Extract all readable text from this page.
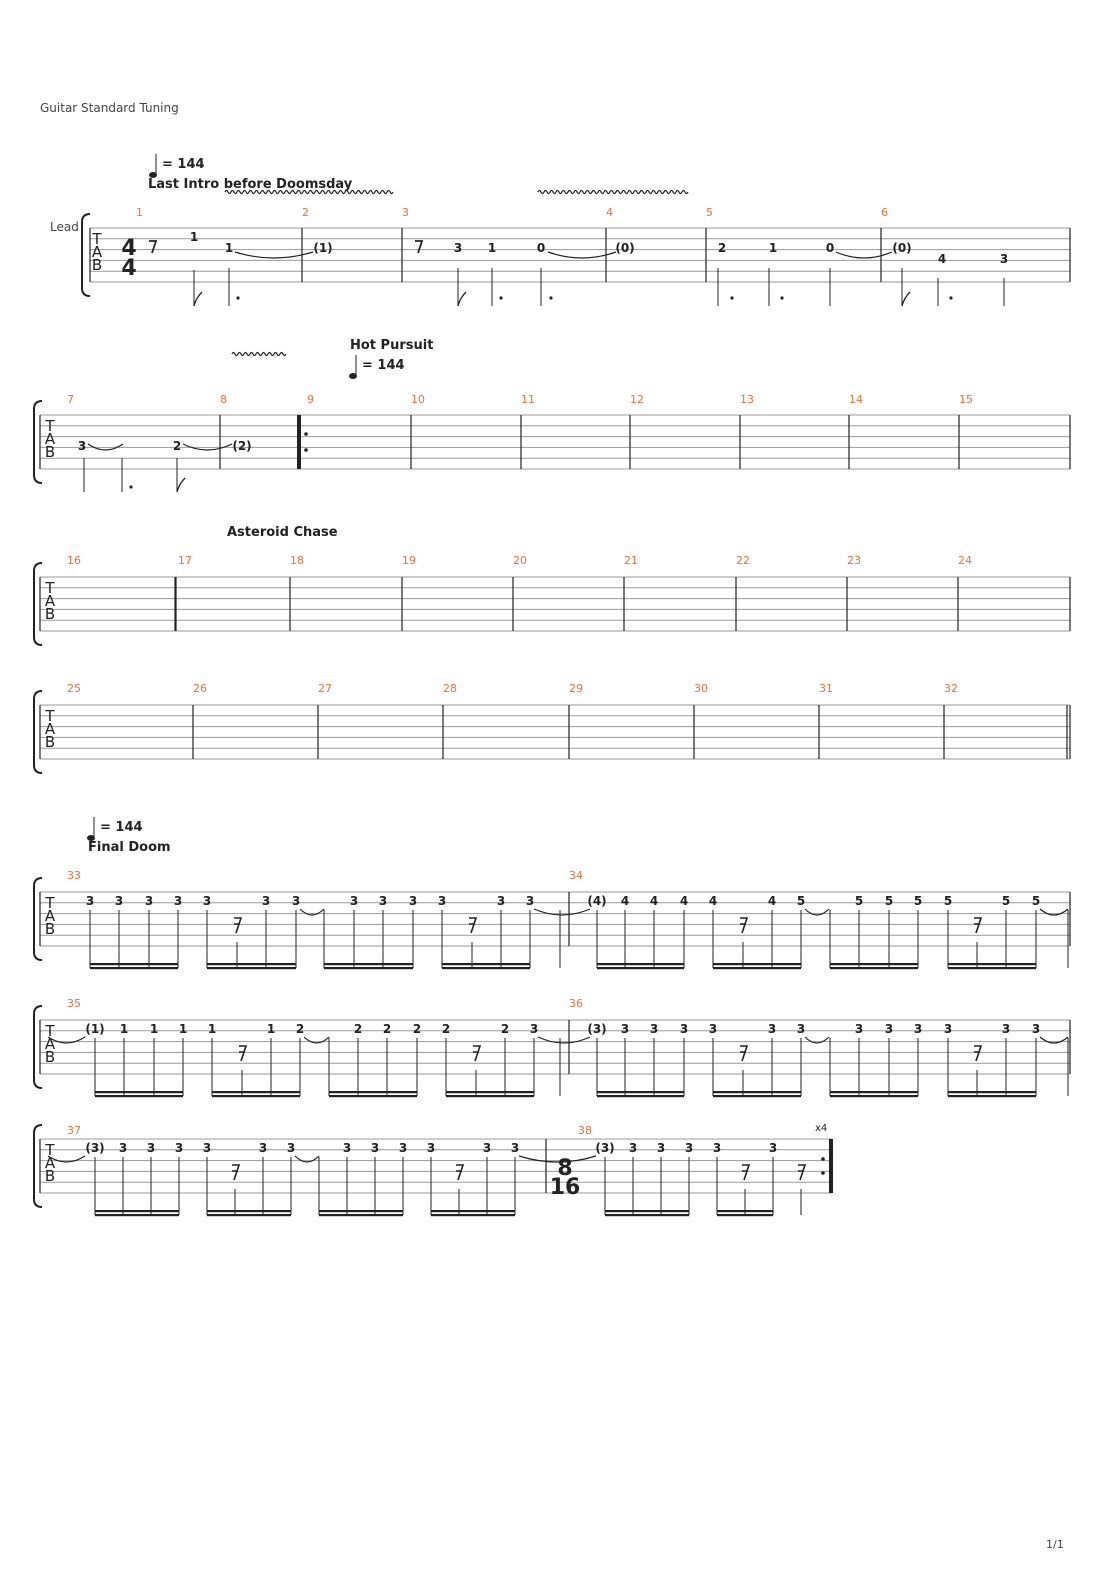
Guitar Standard Tuning
T
A
B
T
A
B
T
A
B
T
A
B
T
A
B
T
A
B
T
A
B
Lead
1	2	3	4	5	6
7	8	9	10	11	12	13	14	15
16	17	18	19	20	21	22	23	24
25	26	27	28	29	30	31	32
33	34
35	36
37	38	x4
4
4
8
16
= 144
= 144
= 144
Last Intro before Doomsday
Hot Pursuit
Asteroid Chase
Final Doom
1
1	(1)	3 1	0	(0)	2	1	0	(0)
4	3
3	2	(2)
3 3 3 3 3	3 3	3 3 3 3	3 3	(4) 4 4 4 4	4 5	5 5 5 5	5 5
(1) 1 1 1 1	1 2	2 2 2 2	2 3	(3) 3 3 3 3	3 3	3 3 3 3	3 3
(3) 3 3 3 3	3 3	3 3 3 3	3 3	(3) 3 3 3 3	3
1/1
